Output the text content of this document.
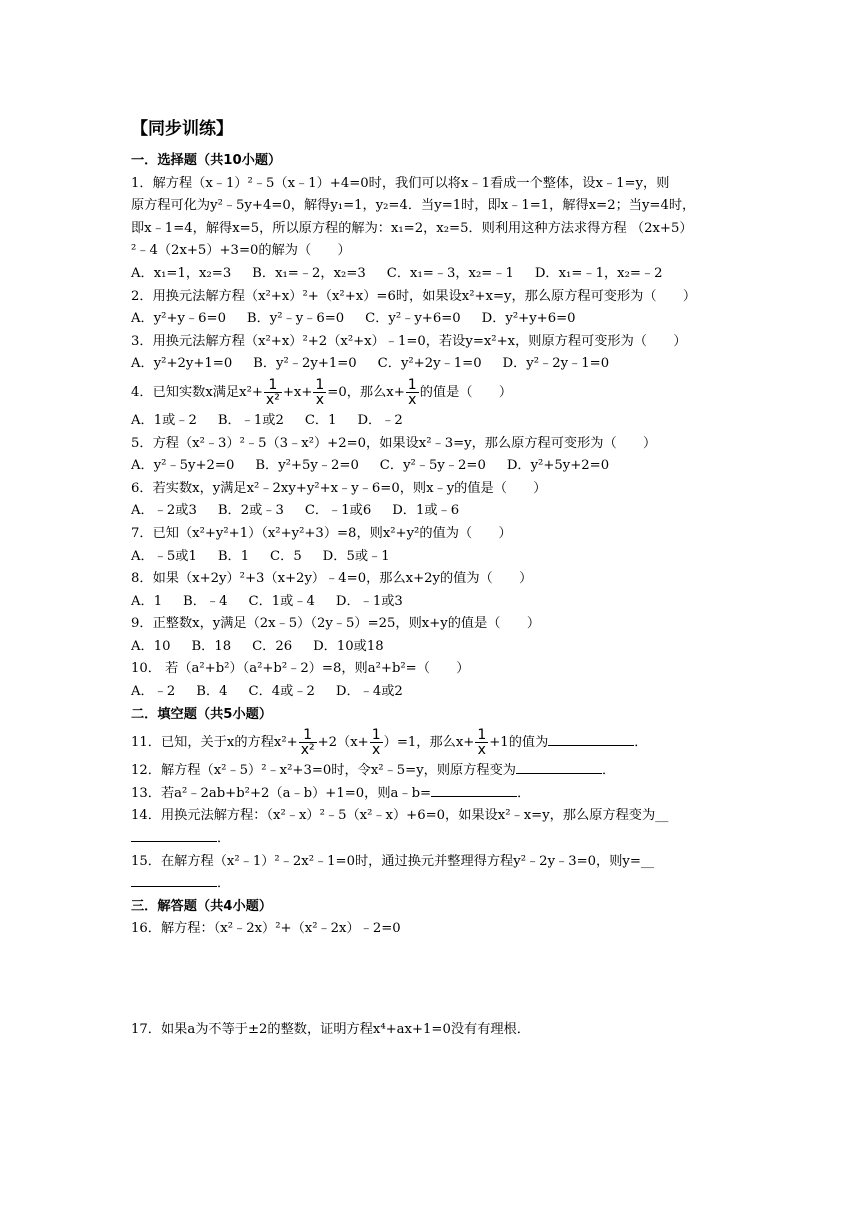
【同步训练】
一．选择题（共10小题）
1．解方程（x﹣1）²﹣5（x﹣1）+4=0时，我们可以将x﹣1看成一个整体，设x﹣1=y，则
原方程可化为y²﹣5y+4=0，解得y₁=1，y₂=4．当y=1时，即x﹣1=1，解得x=2；当y=4时，
即x﹣1=4，解得x=5，所以原方程的解为：x₁=2，x₂=5．则利用这种方法求得方程 （2x+5）
²﹣4（2x+5）+3=0的解为（　　）
A．x₁=1，x₂=3     B．x₁=﹣2，x₂=3     C．x₁=﹣3，x₂=﹣1     D．x₁=﹣1，x₂=﹣2
2．用换元法解方程（x²+x）²+（x²+x）=6时，如果设x²+x=y，那么原方程可变形为（　　）
A．y²+y﹣6=0     B．y²﹣y﹣6=0     C．y²﹣y+6=0     D．y²+y+6=0
3．用换元法解方程（x²+x）²+2（x²+x）﹣1=0，若设y=x²+x，则原方程可变形为（　　）
A．y²+2y+1=0     B．y²﹣2y+1=0     C．y²+2y﹣1=0     D．y²﹣2y﹣1=0
4．已知实数x满足$x^2+ \frac{1}{\text{x²}} +x+ \frac{1}{x} =0$，那么$x+ \frac{1}{x}$ 的值是（　　）
A．1或﹣2     B．﹣1或2     C．1     D．﹣2
5．方程（x²﹣3）²﹣5（3﹣x²）+2=0，如果设x²﹣3=y，那么原方程可变形为（　　）
A．y²﹣5y+2=0     B．y²+5y﹣2=0     C．y²﹣5y﹣2=0     D．y²+5y+2=0
6．若实数x，y满足x²﹣2xy+y²+x﹣y﹣6=0，则x﹣y的值是（　　）
A．﹣2或3     B．2或﹣3     C．﹣1或6     D．1或﹣6
7．已知（x²+y²+1）（x²+y²+3）=8，则x²+y²的值为（　　）
A．﹣5或1     B．1     C．5     D．5或﹣1
8．如果（x+2y）²+3（x+2y）﹣4=0，那么x+2y的值为（　　）
A．1     B．﹣4     C．1或﹣4     D．﹣1或3
9．正整数x，y满足（2x﹣5）（2y﹣5）=25，则x+y的值是（　　）
A．10     B．18     C．26     D．10或18
10． 若（a²+b²）（a²+b²﹣2）=8，则a²+b²=（　　）
A．﹣2     B．4     C．4或﹣2     D．﹣4或2
二．填空题（共5小题）
11．已知，关于x的方程$x^2+ \frac{1}{\text{x²}} +2(x+ \frac{1}{x} )=1$，那么$x+ \frac{1}{x} +1$的值为	．
12．解方程（x²﹣5）²﹣x²+3=0时，令x²﹣5=y，则原方程变为	．
13．若a²﹣2ab+b²+2（a﹣b）+1=0，则a﹣b=	．
14．用换元法解方程：（x²﹣x）²﹣5（x²﹣x）+6=0，如果设x²﹣x=y，那么原方程变为__
．
15．在解方程（x²﹣1）²﹣2x²﹣1=0时，通过换元并整理得方程y²﹣2y﹣3=0，则y=__
．
三．解答题（共4小题）
16．解方程：（x²﹣2x）²+（x²﹣2x）﹣2=0
17．如果a为不等于±2的整数，证明方程x⁴+ax+1=0没有有理根．
